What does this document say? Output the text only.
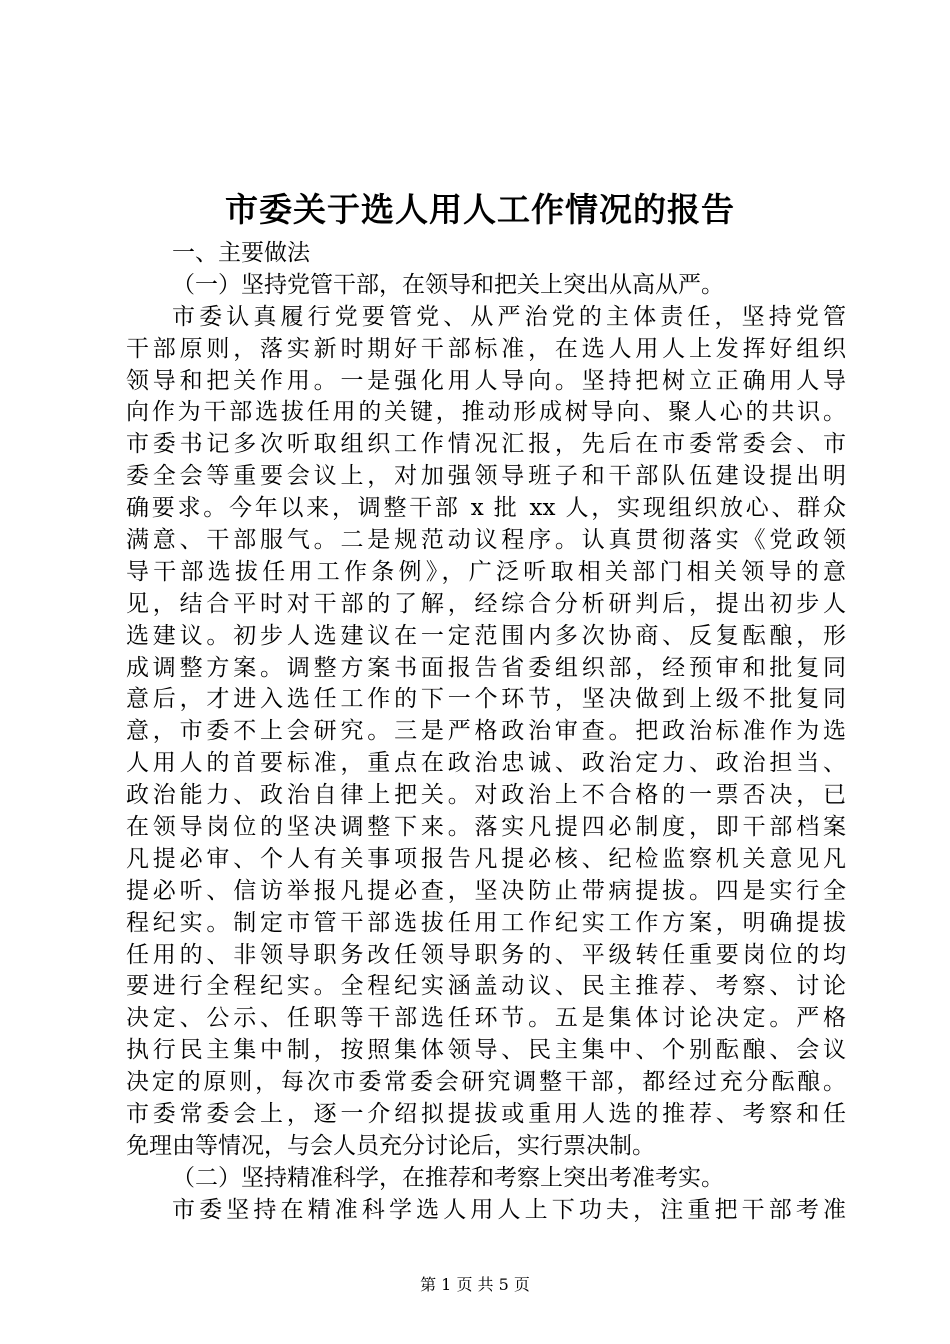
市委关于选人用人工作情况的报告
一、主要做法
（一）坚持党管干部，在领导和把关上突出从高从严。
市委认真履行党要管党、从严治党的主体责任，坚持党管
干部原则，落实新时期好干部标准，在选人用人上发挥好组织
领导和把关作用。一是强化用人导向。坚持把树立正确用人导
向作为干部选拔任用的关键，推动形成树导向、聚人心的共识。
市委书记多次听取组织工作情况汇报，先后在市委常委会、市
委全会等重要会议上，对加强领导班子和干部队伍建设提出明
确要求。今年以来，调整干部 x 批 xx 人，实现组织放心、群众
满意、干部服气。二是规范动议程序。认真贯彻落实《党政领
导干部选拔任用工作条例》，广泛听取相关部门相关领导的意
见，结合平时对干部的了解，经综合分析研判后，提出初步人
选建议。初步人选建议在一定范围内多次协商、反复酝酿，形
成调整方案。调整方案书面报告省委组织部，经预审和批复同
意后，才进入选任工作的下一个环节，坚决做到上级不批复同
意，市委不上会研究。三是严格政治审查。把政治标准作为选
人用人的首要标准，重点在政治忠诚、政治定力、政治担当、
政治能力、政治自律上把关。对政治上不合格的一票否决，已
在领导岗位的坚决调整下来。落实凡提四必制度，即干部档案
凡提必审、个人有关事项报告凡提必核、纪检监察机关意见凡
提必听、信访举报凡提必查，坚决防止带病提拔。四是实行全
程纪实。制定市管干部选拔任用工作纪实工作方案，明确提拔
任用的、非领导职务改任领导职务的、平级转任重要岗位的均
要进行全程纪实。全程纪实涵盖动议、民主推荐、考察、讨论
决定、公示、任职等干部选任环节。五是集体讨论决定。严格
执行民主集中制，按照集体领导、民主集中、个别酝酿、会议
决定的原则，每次市委常委会研究调整干部，都经过充分酝酿。
市委常委会上，逐一介绍拟提拔或重用人选的推荐、考察和任
免理由等情况，与会人员充分讨论后，实行票决制。
（二）坚持精准科学，在推荐和考察上突出考准考实。
市委坚持在精准科学选人用人上下功夫，注重把干部考准
第 1 页 共 5 页
